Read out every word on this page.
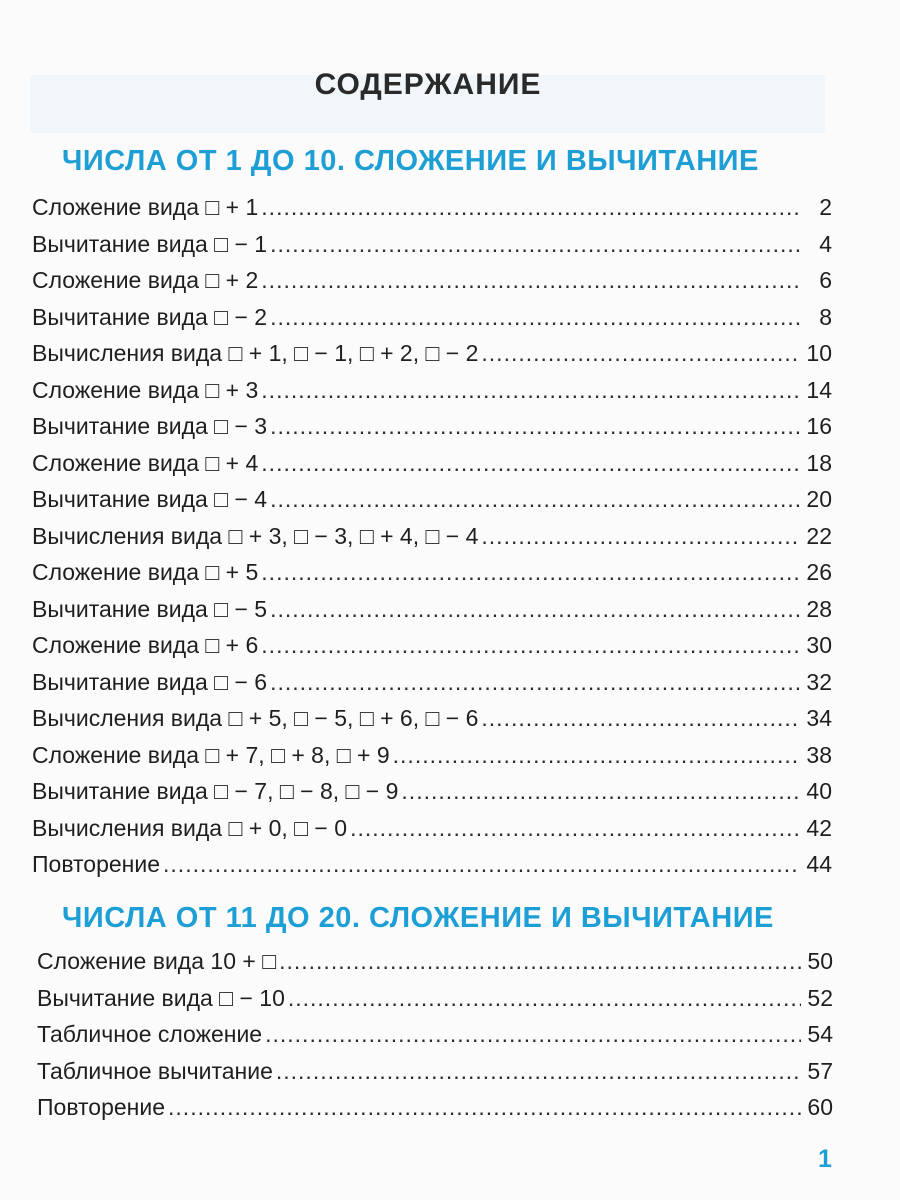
СОДЕРЖАНИЕ
ЧИСЛА ОТ 1 ДО 10. СЛОЖЕНИЕ И ВЫЧИТАНИЕ
Сложение вида □ + 1 .....	2
Вычитание вида □ − 1 .....	4
Сложение вида □ + 2 .....	6
Вычитание вида □ − 2 .....	8
Вычисления вида □ + 1, □ − 1, □ + 2, □ − 2 .....	10
Сложение вида □ + 3 .....	14
Вычитание вида □ − 3 .....	16
Сложение вида □ + 4 .....	18
Вычитание вида □ − 4 .....	20
Вычисления вида □ + 3, □ − 3, □ + 4, □ − 4 .....	22
Сложение вида □ + 5 .....	26
Вычитание вида □ − 5 .....	28
Сложение вида □ + 6 .....	30
Вычитание вида □ − 6 .....	32
Вычисления вида □ + 5, □ − 5, □ + 6, □ − 6 .....	34
Сложение вида □ + 7, □ + 8, □ + 9 .....	38
Вычитание вида □ − 7, □ − 8, □ − 9 .....	40
Вычисления вида □ + 0, □ − 0 .....	42
Повторение .....	44
ЧИСЛА ОТ 11 ДО 20. СЛОЖЕНИЕ И ВЫЧИТАНИЕ
Сложение вида 10 + □ .....	50
Вычитание вида □ − 10 .....	52
Табличное сложение .....	54
Табличное вычитание .....	57
Повторение .....	60
1
